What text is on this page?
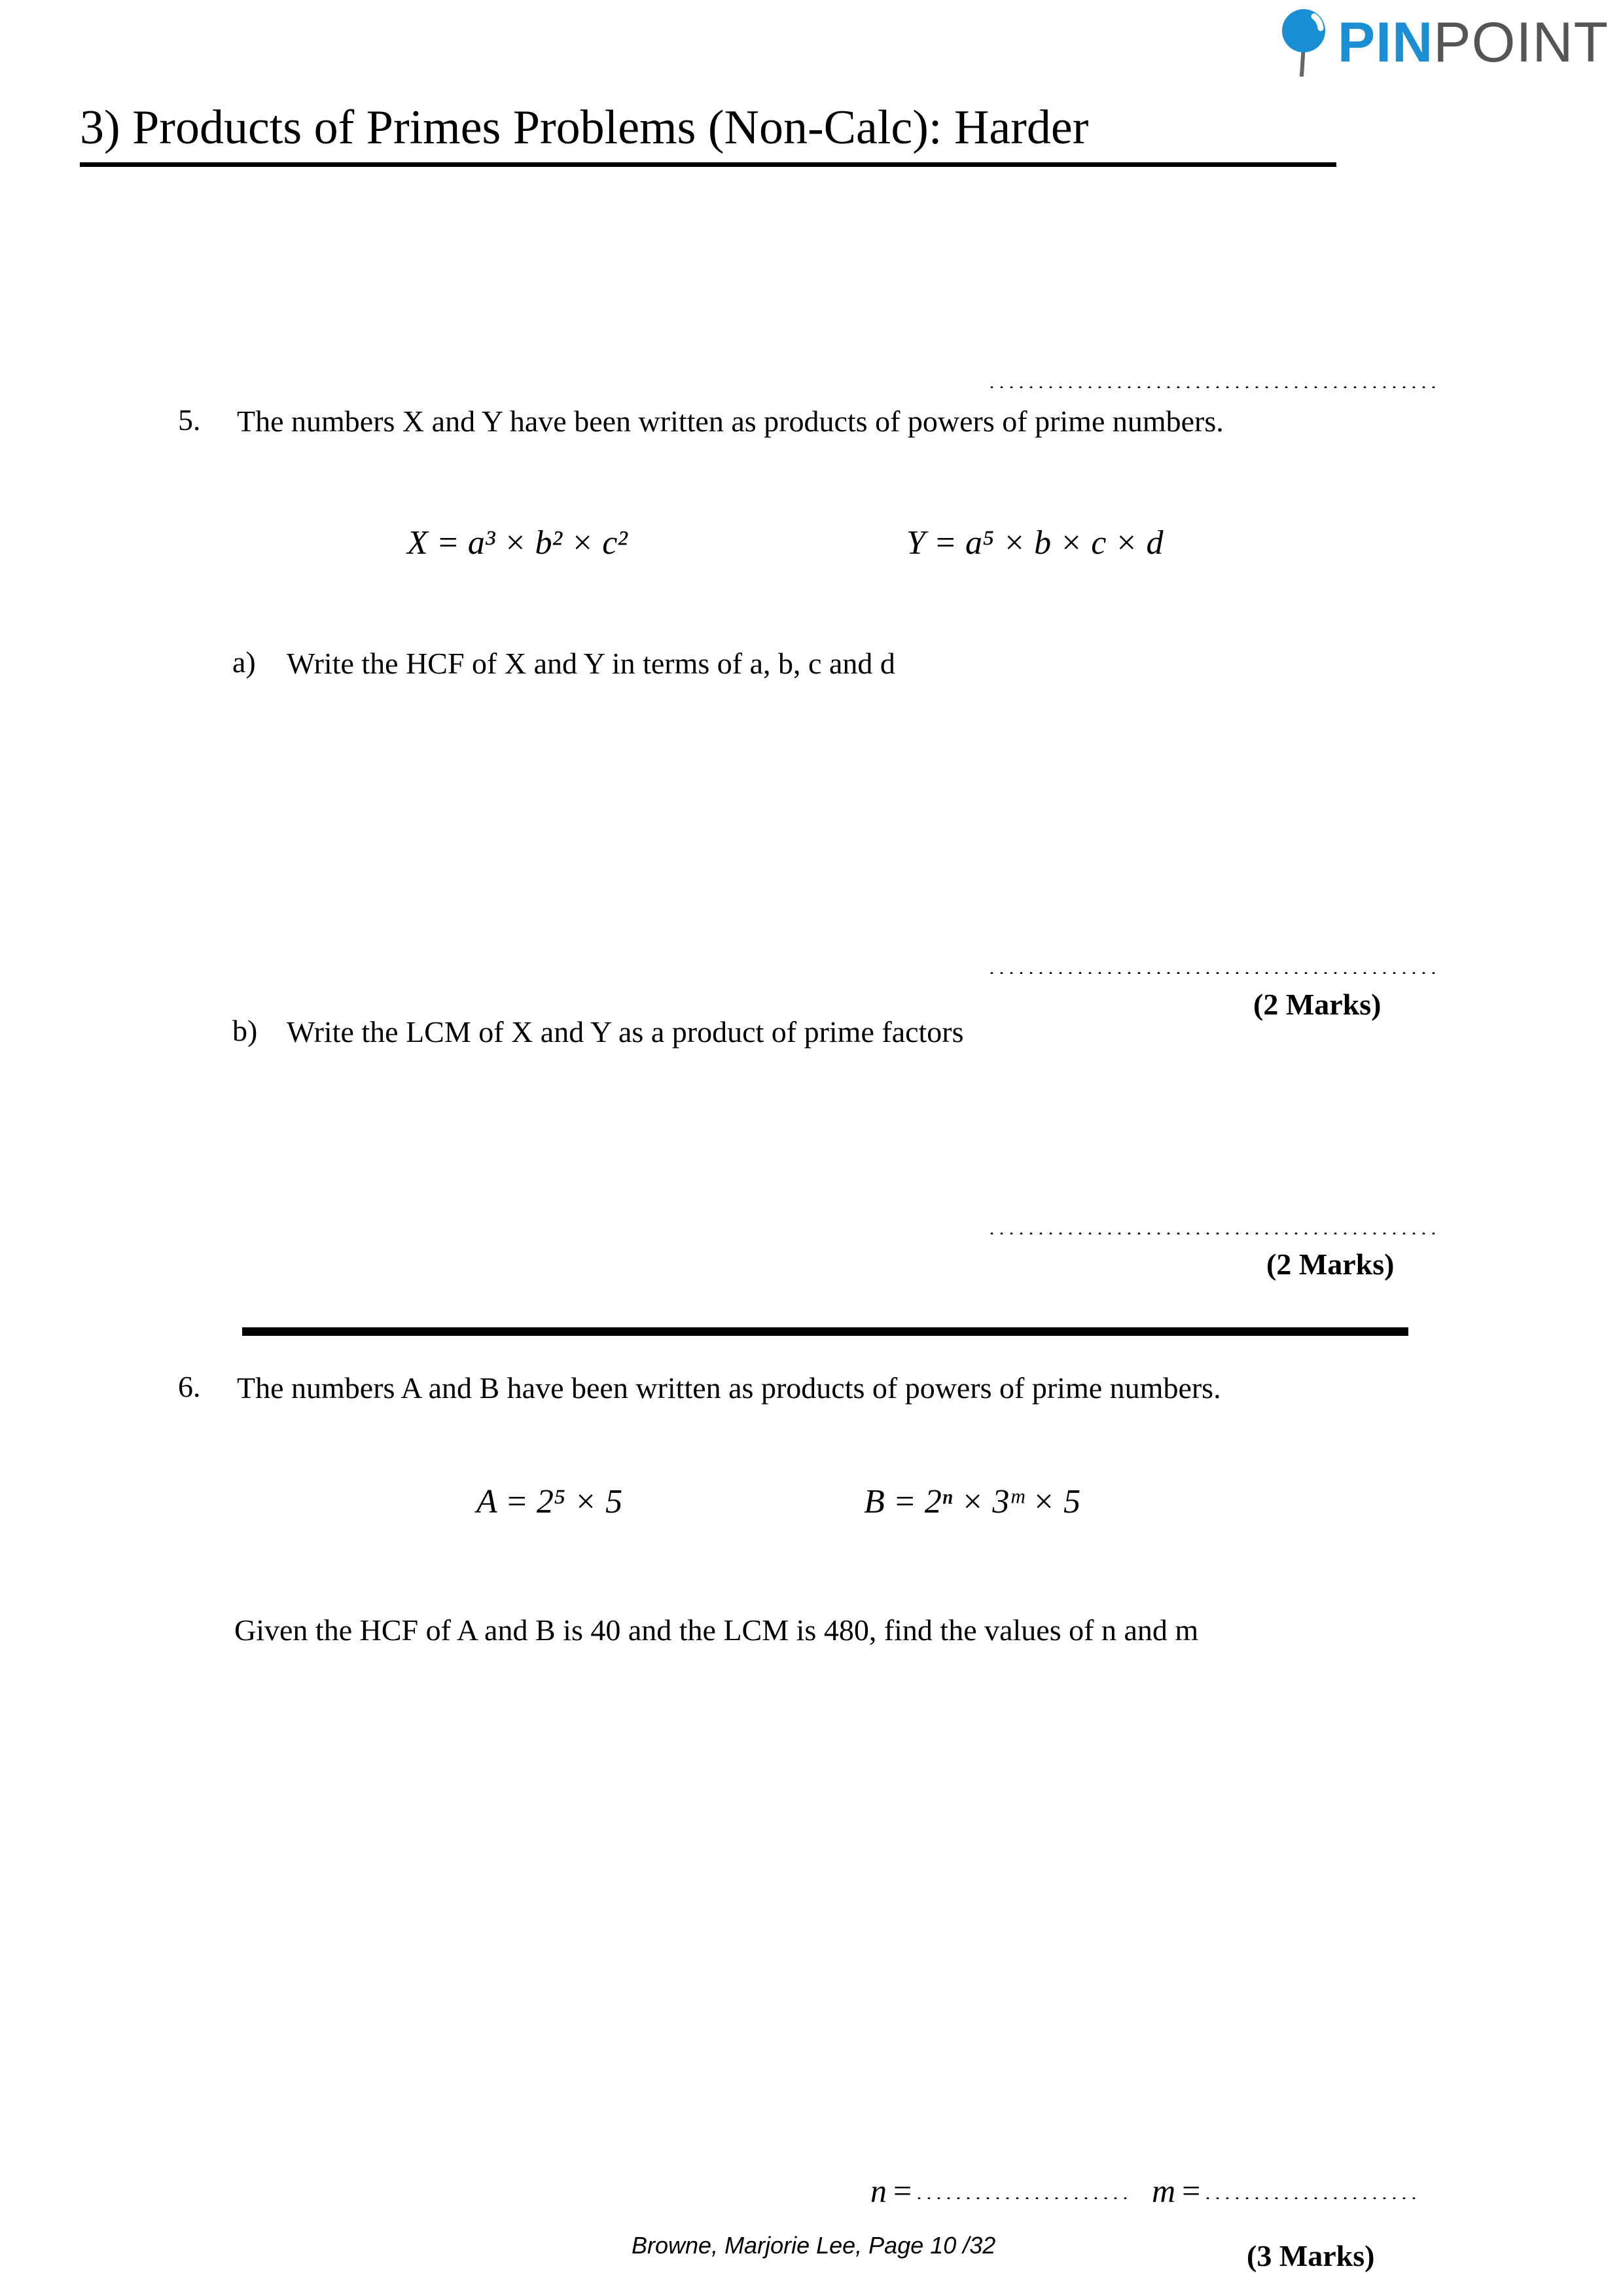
PINPOINT
3) Products of Primes Problems (Non-Calc): Harder
5. The numbers X and Y have been written as products of powers of prime numbers.
X = a³ × b² × c²	Y = a⁵ × b × c × d
a) Write the HCF of X and Y in terms of a, b, c and d
(2 Marks)
b) Write the LCM of X and Y as a product of prime factors
(2 Marks)
6. The numbers A and B have been written as products of powers of prime numbers.
A = 2⁵ × 5	B = 2ⁿ × 3ᵐ × 5
Given the HCF of A and B is 40 and the LCM is 480, find the values of n and m
n =	m =
(3 Marks)
Browne, Marjorie Lee, Page 10 /32
